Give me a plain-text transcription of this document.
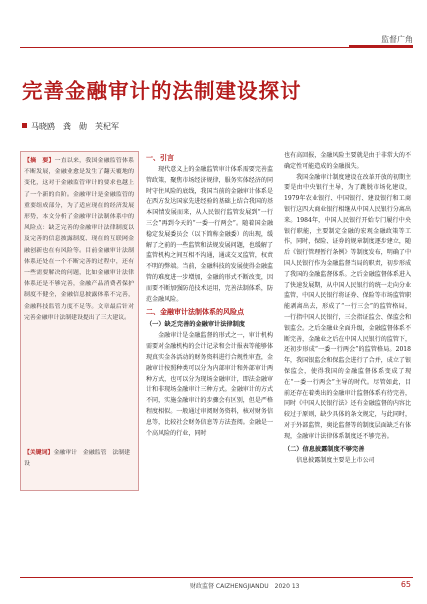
监督广角
完善金融审计的法制建设探讨
马晓鸥　龚　勋　芙杞军
【摘　要】一直以来，我国金融监管体系不断发展，金融业愈是发生了翻天覆地的变化，这对于金融监管审计的要求也越上了一个新的台阶。金融审计是金融监管的重要组成部分，为了适应现在的经济发展形势，本文分析了金融审计法制体系中的风险点：缺乏完善的金融审计法律制度以及完善的信息披露制度、现在的互联网金融创新也在有风险等。目前金融审计法制体系还处在一个不断完善的过程中，还有一些需要解决的问题，比如金融审计法律体系还是不够完善，金融产品消费者保护制度不健全，金融信息披露体系不完善，金融科技监管力度不足等。文章最后针对完善金融审计法制建设提出了三大建议。
【关键词】金融审计　金融监管　法制建设
一、引言

现代意义上的金融监管审计体系需要完善监管政策，聚焦市场经济规律，服务实体经济的同时守住风险的底线，我国当前的金融审计体系是在西方发达国家先进经验的基础上结合我国的基本国情发展而来，从人民银行监管发展到“一行三会”再到今天的“一委一行两会”。随着国金融稳定发展委员会（以下简称金融委）的出现，缓解了之前的一些监管和法规发展问题，也缓解了监管机构之间互相不沟通，通或交叉监管，权责不明的弊端。当前，金融科技的发展使得金融监管的难度进一步增加，金融的形式不断改变，因而要不断加强防范技术运用，完善法制体系，防范金融风险。

二、金融审计法制体系的风险点
（一）缺乏完善的金融审计法律制度

金融审计是金融监督的形式之一，审计机构需要对金融机构的会计记录和会计报表等能够体现真实金各活动的财务资料进行合规性审查，金融审计按照种类可以分为内部审计和外部审计两种方式，也可以分为现场金融审计，即法金融审计和非现场金融审计三种方式。金融审计的方式不同，实施金融审计的步骤会有区别，但是严格程度相似。一般通过审阅财务资料，核对财务信息等，比较社会财务信息等方法查阅。金融是一个高风险的行业，同时

也有高回报，金融风险主要就是由于非常大的不确定性可能造成的金融损失。

我国金融审计制度建设在改革开放的初期主要是由中央银行主导，为了跳脱市场化建设，1979年农业银行、中国银行、建设银行和工商银行这四大商业银行相继从中国人民银行分离出来。1984年，中国人民银行开始专门履行中央银行职能，主要制定金融的宏观金融政策等工作，同时，保险、证券的规章制度逐步建立，随后《银行管理暂行条例》等制度发布，明确了中国人民银行作为金融监督当局的职责，初步形成了我国的金融监督体系。之后金融监督体系进入了快速发展期，从中国人民银行的统一走向分业监管，中国人民银行将证券、保险等市场监管职能剥离出去，形成了“一行三会”的监管格局，一行指中国人民银行，三会指证监会、保监会和银监会。之后金融业全面升级，金融监督体系不断完善，金融业之后在中国人民银行的监管下，还初步形成“一委一行两会”的监管格局。2018年，我国银监会和保监会进行了合并，成立了银保监会，使得我国的金融监督体系变成了现在“一委一行两会”主导的时代。尽管如此，目前还存在着类出的金融审计监督体系有待完善，同时《中国人民银行法》还有金融监督的内容比较过于原则，缺少具体的条文规定，与此同时，对于外部监管，奥论监督等的制度层面缺乏有体现，金融审计法律体系制度还不够完善。

（二）信息披露制度不够完善

信息披露制度主要是上市公司

财政监督 CAIZHENGJIANDU　2020 13	65
